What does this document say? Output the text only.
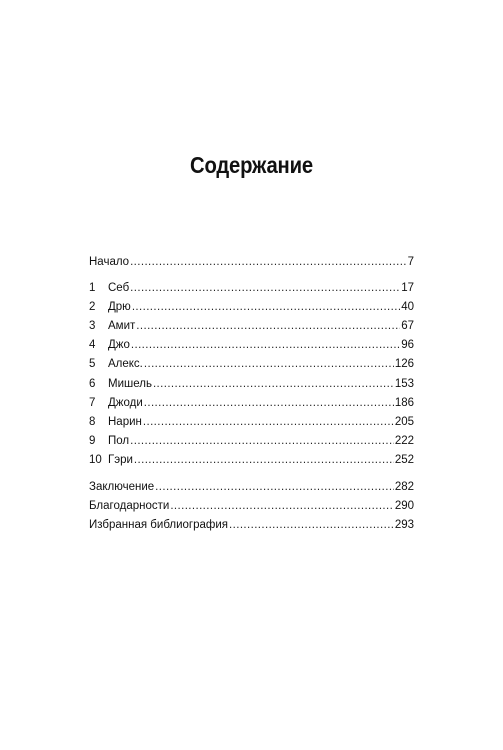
Содержание
Начало .....	7
1	Себ .....	17
2	Дрю .....	40
3	Амит .....	67
4	Джо .....	96
5	Алекс. .....	126
6	Мишель .....	153
7	Джоди .....	186
8	Нарин .....	205
9	Пол .....	222
10 Гэри .....	252
Заключение .....	282
Благодарности .....	290
Избранная библиография .....	293
